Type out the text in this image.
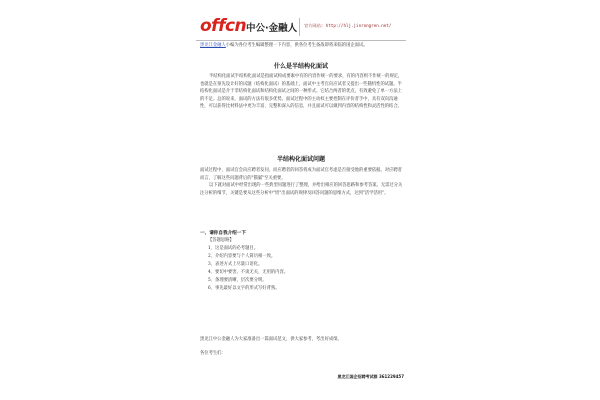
offcn 中公·金融人 官方网站: http://hlj.jinrongren.net/
黑龙江金融人小编为各位考生编辑整理一下内容，供各位考生备战即将来临的国企面试。
什么是半结构化面试

半结构化面试半结构化面试是指面试构成要素中有的内容作统一的要求，有的内容则不作统一的规定，也就是在预先设计好的试题（结构化面试）的基础上，面试中主考官向应试者又提出一些随机性的试题。半结构化面试是介于非结构化面试和结构化面试之间的一种形式。它结合两者的优点，有效避免了单一方法上的不足。总的说来，面试的方法有很多优势。面试过程中的主动权主要控制在评价者手中，具有双向沟通性，可以获得比材料法中更为丰富、完整和深入的信息，并且面试可以做到内容的结构性和灵活性的结合。

半结构化面试问题

面试过程中，面试官会向应聘者发问，而应聘者的回答将成为面试官考虑是否接受他的重要依据。对应聘者而言，了解这些问题背后的"猫腻"至关重要。

以下就对面试中经常出现的一些典型问题进行了整理，并给出相应的回答思路和参考答案。无需过分关注分析的细节，关键是要从这些分析中"悟"出面试的规律及回答问题的思维方式，达到"活学活用"。

一、请你自我介绍一下
【答题思路】
1、这是面试的必考题目。
2、介绍内容要与个人简历相一致。
3、表述方式上尽量口语化。
4、要切中要害，不谈无关、无用的内容。
5、条理要清晰，层次要分明。
6、事先最好以文字的形式写好背熟。
黑龙江中公金融人为大家准备出一篇面试范文，供大家参考，考出好成绩。
各位考生们：
黑龙江国企招聘考试群 361229457
